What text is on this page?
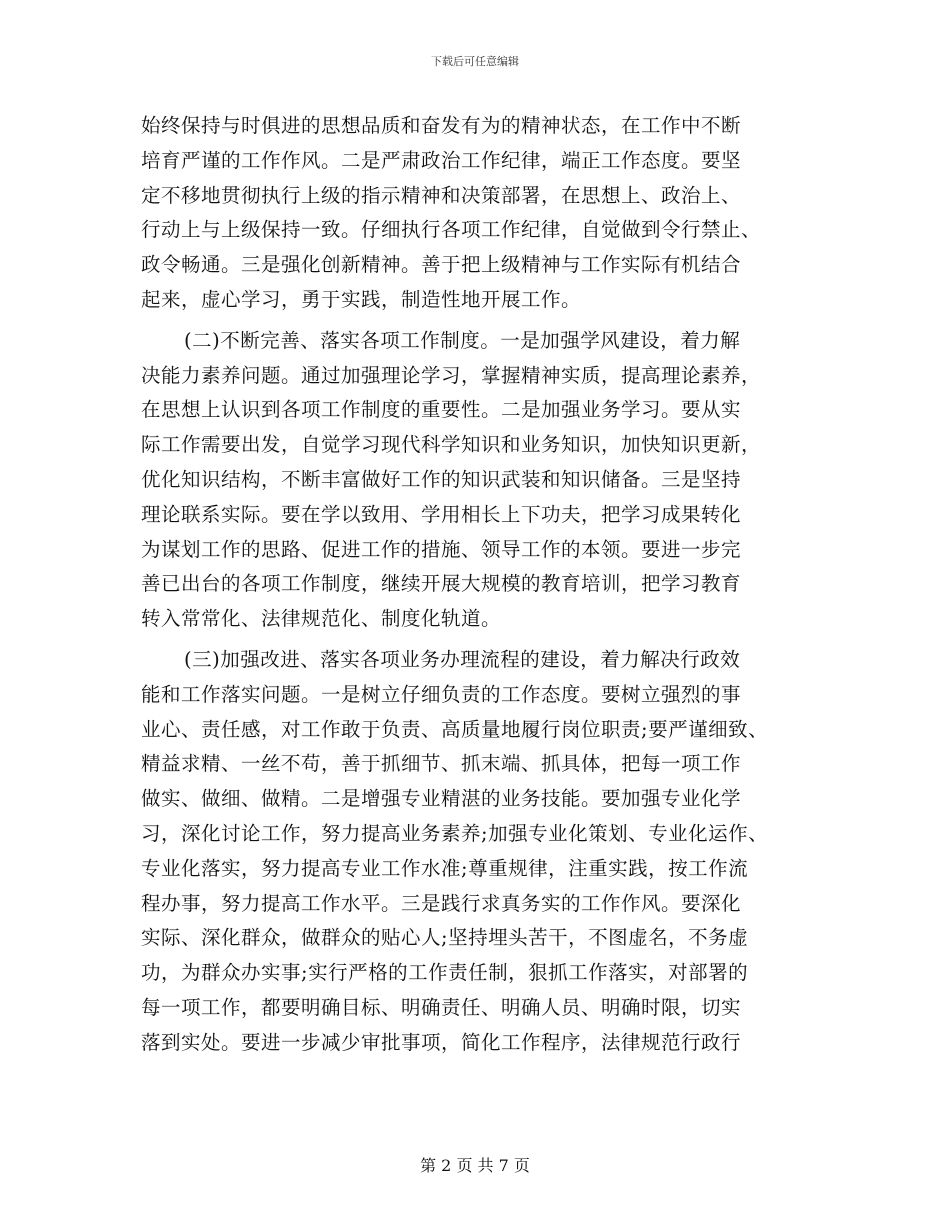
下载后可任意编辑
始终保持与时俱进的思想品质和奋发有为的精神状态，在工作中不断
培育严谨的工作作风。二是严肃政治工作纪律，端正工作态度。要坚
定不移地贯彻执行上级的指示精神和决策部署，在思想上、政治上、
行动上与上级保持一致。仔细执行各项工作纪律，自觉做到令行禁止、
政令畅通。三是强化创新精神。善于把上级精神与工作实际有机结合
起来，虚心学习，勇于实践，制造性地开展工作。
(二)不断完善、落实各项工作制度。一是加强学风建设，着力解
决能力素养问题。通过加强理论学习，掌握精神实质，提高理论素养，
在思想上认识到各项工作制度的重要性。二是加强业务学习。要从实
际工作需要出发，自觉学习现代科学知识和业务知识，加快知识更新，
优化知识结构，不断丰富做好工作的知识武装和知识储备。三是坚持
理论联系实际。要在学以致用、学用相长上下功夫，把学习成果转化
为谋划工作的思路、促进工作的措施、领导工作的本领。要进一步完
善已出台的各项工作制度，继续开展大规模的教育培训，把学习教育
转入常常化、法律规范化、制度化轨道。
(三)加强改进、落实各项业务办理流程的建设，着力解决行政效
能和工作落实问题。一是树立仔细负责的工作态度。要树立强烈的事
业心、责任感，对工作敢于负责、高质量地履行岗位职责;要严谨细致、
精益求精、一丝不苟，善于抓细节、抓末端、抓具体，把每一项工作
做实、做细、做精。二是增强专业精湛的业务技能。要加强专业化学
习，深化讨论工作，努力提高业务素养;加强专业化策划、专业化运作、
专业化落实，努力提高专业工作水准;尊重规律，注重实践，按工作流
程办事，努力提高工作水平。三是践行求真务实的工作作风。要深化
实际、深化群众，做群众的贴心人;坚持埋头苦干，不图虚名，不务虚
功，为群众办实事;实行严格的工作责任制，狠抓工作落实，对部署的
每一项工作，都要明确目标、明确责任、明确人员、明确时限，切实
落到实处。要进一步减少审批事项，简化工作程序，法律规范行政行
第 2 页 共 7 页
